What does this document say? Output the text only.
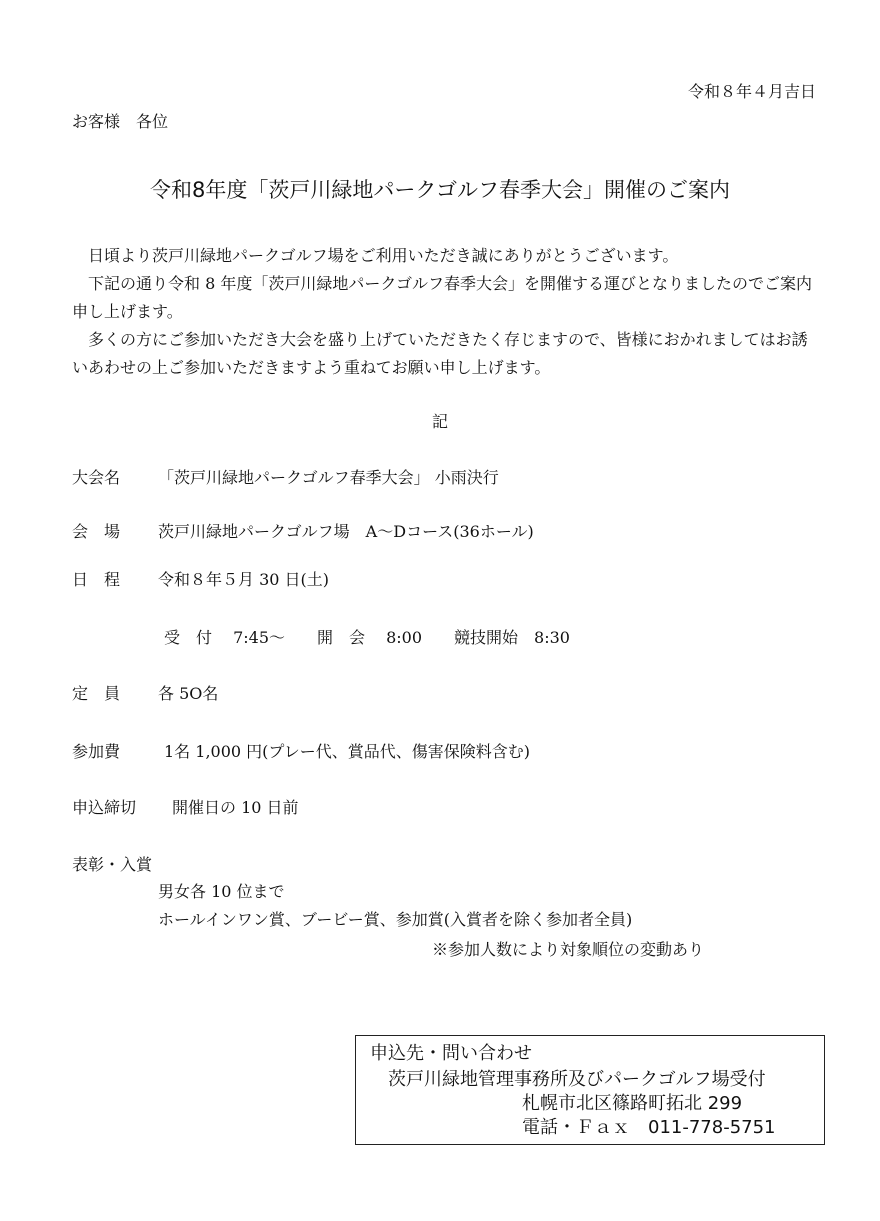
令和８年４月吉日
お客様　各位
令和8年度「茨戸川緑地パークゴルフ春季大会」開催のご案内
日頃より茨戸川緑地パークゴルフ場をご利用いただき誠にありがとうございます。
下記の通り令和 8 年度「茨戸川緑地パークゴルフ春季大会」を開催する運びとなりましたのでご案内申し上げます。
多くの方にご参加いただき大会を盛り上げていただきたく存じますので、皆様におかれましてはお誘いあわせの上ご参加いただきますよう重ねてお願い申し上げます。
記
大会名 「茨戸川緑地パークゴルフ春季大会」 小雨決行
会　場 茨戸川緑地パークゴルフ場　A～Dコース(36ホール)
日　程 令和８年５月 30 日(土)
受　付　 7:45～　　開　会　 8:00　　競技開始　8:30
定　員 各 5O名
参加費	1名 1,000 円(プレー代、賞品代、傷害保険料含む)
申込締切 開催日の 10 日前
表彰・入賞
男女各 10 位まで
ホールインワン賞、ブービー賞、参加賞(入賞者を除く参加者全員)
※参加人数により対象順位の変動あり
申込先・問い合わせ
茨戸川緑地管理事務所及びパークゴルフ場受付
札幌市北区篠路町拓北 299
電話・Ｆａｘ　011-778-5751
